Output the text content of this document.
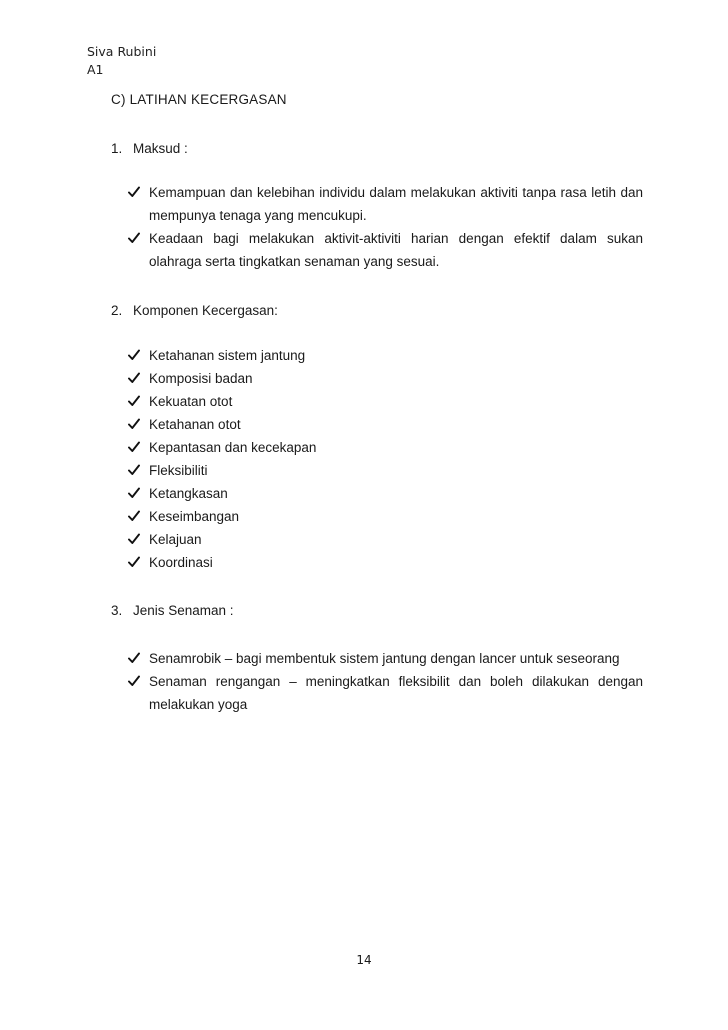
Siva Rubini
A1
C) LATIHAN KECERGASAN
1. Maksud :
Kemampuan dan kelebihan individu dalam melakukan aktiviti tanpa rasa letih dan mempunya tenaga yang mencukupi.
Keadaan bagi melakukan aktivit-aktiviti harian dengan efektif dalam sukan olahraga serta tingkatkan senaman yang sesuai.
2. Komponen Kecergasan:
Ketahanan sistem jantung
Komposisi badan
Kekuatan otot
Ketahanan otot
Kepantasan dan kecekapan
Fleksibiliti
Ketangkasan
Keseimbangan
Kelajuan
Koordinasi
3. Jenis Senaman :
Senamrobik – bagi membentuk sistem jantung dengan lancer untuk seseorang
Senaman rengangan – meningkatkan fleksibilit dan boleh dilakukan dengan melakukan yoga
14
